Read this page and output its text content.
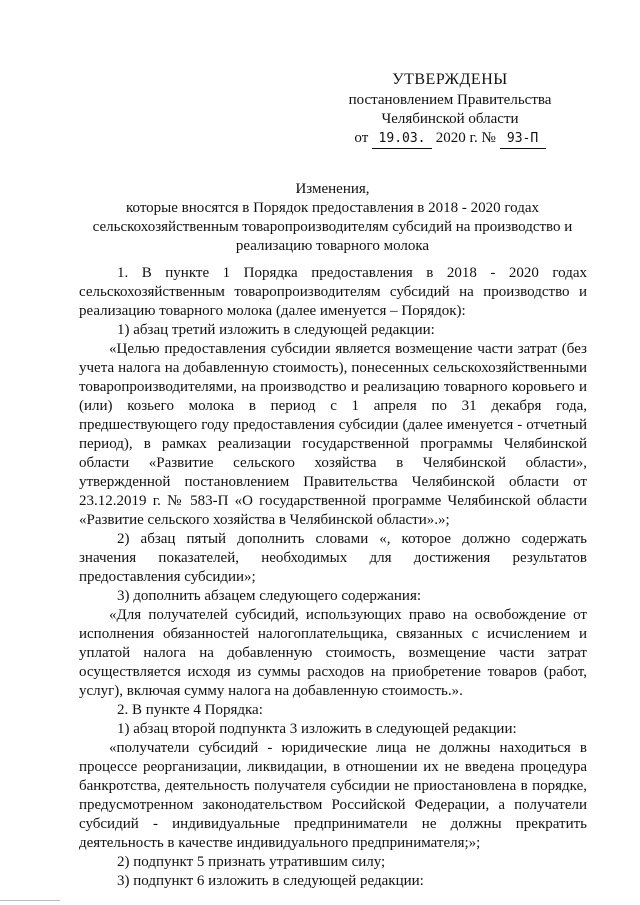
УТВЕРЖДЕНЫ
постановлением Правительства
Челябинской области
от 19.03. 2020 г. № 93-П
Изменения,
которые вносятся в Порядок предоставления в 2018 - 2020 годах
сельскохозяйственным товаропроизводителям субсидий на производство и
реализацию товарного молока

1. В пункте 1 Порядка предоставления в 2018 - 2020 годах сельскохозяйственным товаропроизводителям субсидий на производство и реализацию товарного молока (далее именуется – Порядок):

1) абзац третий изложить в следующей редакции:

«Целью предоставления субсидии является возмещение части затрат (без учета налога на добавленную стоимость), понесенных сельскохозяйственными товаропроизводителями, на производство и реализацию товарного коровьего и (или) козьего молока в период с 1 апреля по 31 декабря года, предшествующего году предоставления субсидии (далее именуется - отчетный период), в рамках реализации государственной программы Челябинской области «Развитие сельского хозяйства в Челябинской области», утвержденной постановлением Правительства Челябинской области от 23.12.2019 г. № 583-П «О государственной программе Челябинской области «Развитие сельского хозяйства в Челябинской области».»;

2) абзац пятый дополнить словами «, которое должно содержать значения показателей, необходимых для достижения результатов предоставления субсидии»;

3) дополнить абзацем следующего содержания:

«Для получателей субсидий, использующих право на освобождение от исполнения обязанностей налогоплательщика, связанных с исчислением и уплатой налога на добавленную стоимость, возмещение части затрат осуществляется исходя из суммы расходов на приобретение товаров (работ, услуг), включая сумму налога на добавленную стоимость.».

2. В пункте 4 Порядка:

1) абзац второй подпункта 3 изложить в следующей редакции:

«получатели субсидий - юридические лица не должны находиться в процессе реорганизации, ликвидации, в отношении их не введена процедура банкротства, деятельность получателя субсидии не приостановлена в порядке, предусмотренном законодательством Российской Федерации, а получатели субсидий - индивидуальные предприниматели не должны прекратить деятельность в качестве индивидуального предпринимателя;»;

2) подпункт 5 признать утратившим силу;

3) подпункт 6 изложить в следующей редакции:
